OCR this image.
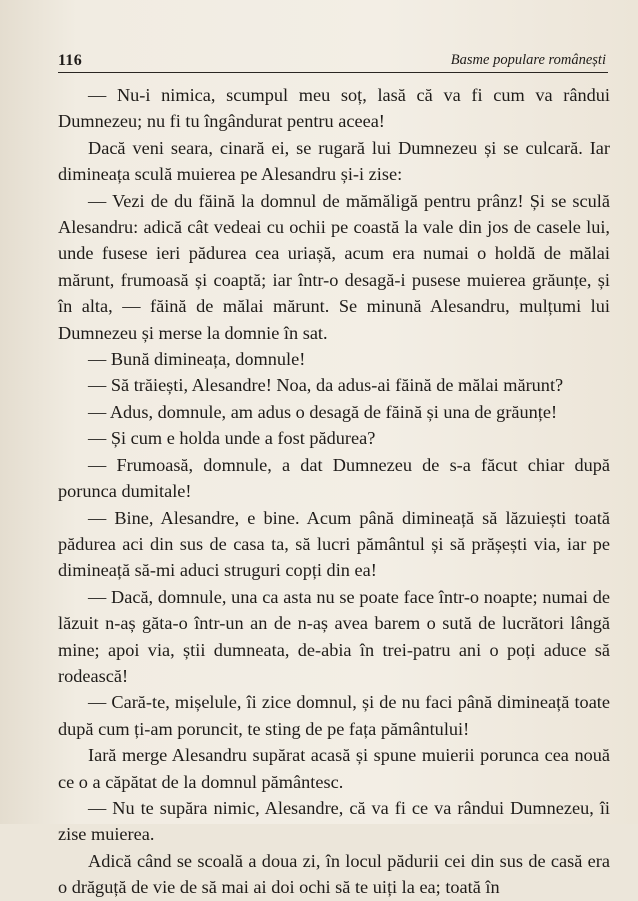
116	Basme populare românești

— Nu-i nimica, scumpul meu soț, lasă că va fi cum va rândui Dumnezeu; nu fi tu îngândurat pentru aceea!

Dacă veni seara, cinară ei, se rugară lui Dumnezeu și se culcară. Iar dimineața sculă muierea pe Alesandru și-i zise:

— Vezi de du făină la domnul de mămăligă pentru prânz! Și se sculă Alesandru: adică cât vedeai cu ochii pe coastă la vale din jos de casele lui, unde fusese ieri pădurea cea uriașă, acum era numai o holdă de mălai mărunt, frumoasă și coaptă; iar într-o desagă-i pusese muierea grăunțe, și în alta, — făină de mălai mărunt. Se minună Alesandru, mulțumi lui Dumnezeu și merse la domnie în sat.

— Bună dimineața, domnule!

— Să trăiești, Alesandre! Noa, da adus-ai făină de mălai mărunt?

— Adus, domnule, am adus o desagă de făină și una de grăunțe!

— Și cum e holda unde a fost pădurea?

— Frumoasă, domnule, a dat Dumnezeu de s-a făcut chiar după porunca dumitale!

— Bine, Alesandre, e bine. Acum până dimineață să lăzuiești toată pădurea aci din sus de casa ta, să lucri pământul și să prășești via, iar pe dimineață să-mi aduci struguri copți din ea!

— Dacă, domnule, una ca asta nu se poate face într-o noapte; numai de lăzuit n-aș găta-o într-un an de n-aș avea barem o sută de lucrători lângă mine; apoi via, știi dumneata, de-abia în trei-patru ani o poți aduce să rodească!

— Cară-te, mișelule, îi zice domnul, și de nu faci până dimineață toate după cum ți-am poruncit, te sting de pe fața pământului!

Iară merge Alesandru supărat acasă și spune muierii porunca cea nouă ce o a căpătat de la domnul pământesc.

— Nu te supăra nimic, Alesandre, că va fi ce va rândui Dumnezeu, îi zise muierea.

Adică când se scoală a doua zi, în locul pădurii cei din sus de casă era o drăguță de vie de să mai ai doi ochi să te uiți la ea; toată în
